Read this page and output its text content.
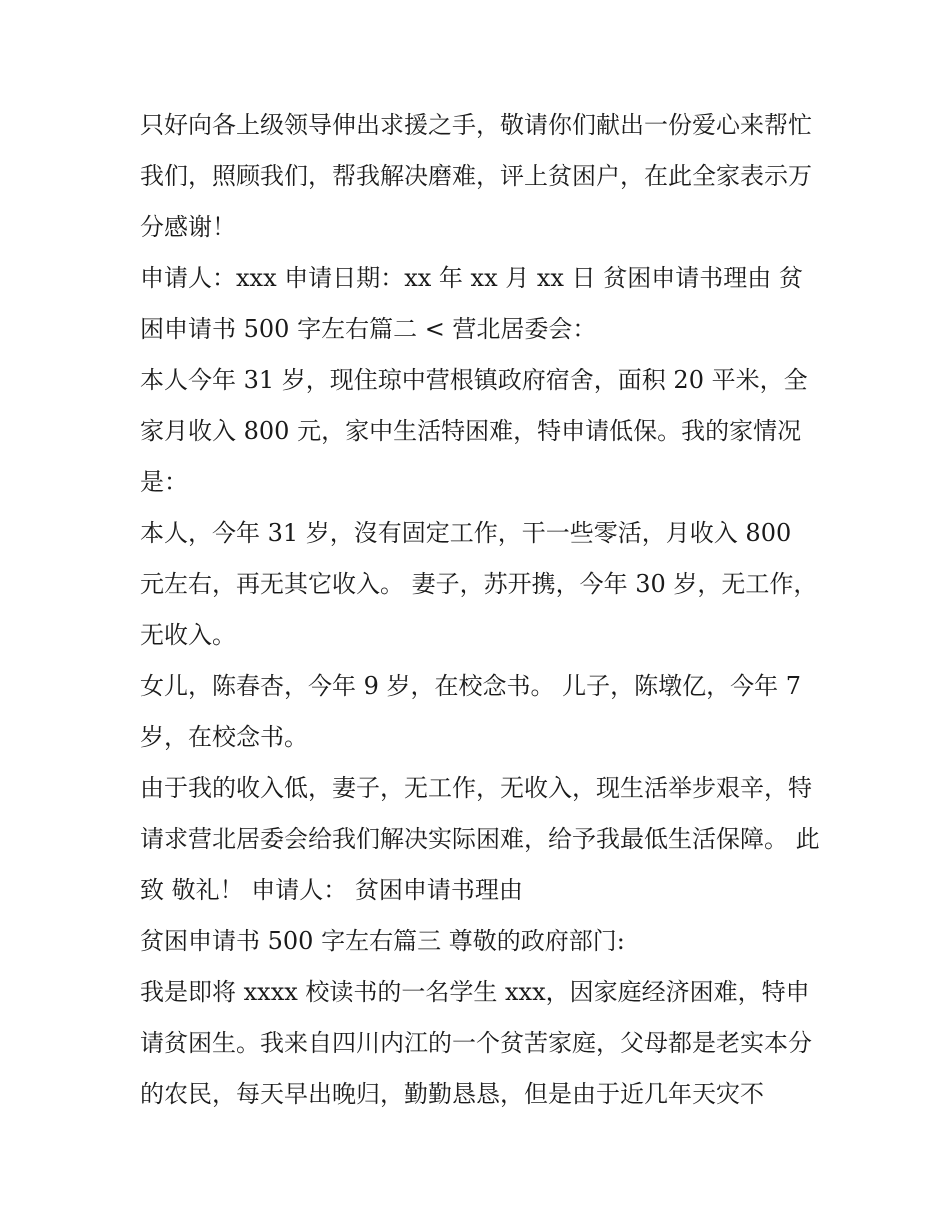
只好向各上级领导伸出求援之手，敬请你们献出一份爱心来帮忙我们，照顾我们，帮我解决磨难，评上贫困户，在此全家表示万分感谢！

申请人：xxx 申请日期：xx 年 xx 月 xx 日 贫困申请书理由 贫困申请书 500 字左右篇二 < 营北居委会：

本人今年 31 岁，现住琼中营根镇政府宿舍，面积 20 平米，全家月收入 800 元，家中生活特困难，特申请低保。我的家情况是：

本人，今年 31 岁，沒有固定工作，干一些零活，月收入 800 元左右，再无其它收入。 妻子，苏开携，今年 30 岁，无工作，无收入。

女儿，陈春杏，今年 9 岁，在校念书。 儿子，陈墩亿，今年 7 岁，在校念书。

由于我的收入低，妻子，无工作，无收入，现生活举步艰辛，特请求营北居委会给我们解决实际困难，给予我最低生活保障。 此致 敬礼！ 申请人： 贫困申请书理由

贫困申请书 500 字左右篇三 尊敬的政府部门:

我是即将 xxxx 校读书的一名学生 xxx，因家庭经济困难，特申请贫困生。我来自四川内江的一个贫苦家庭，父母都是老实本分的农民，每天早出晚归，勤勤恳恳，但是由于近几年天灾不
